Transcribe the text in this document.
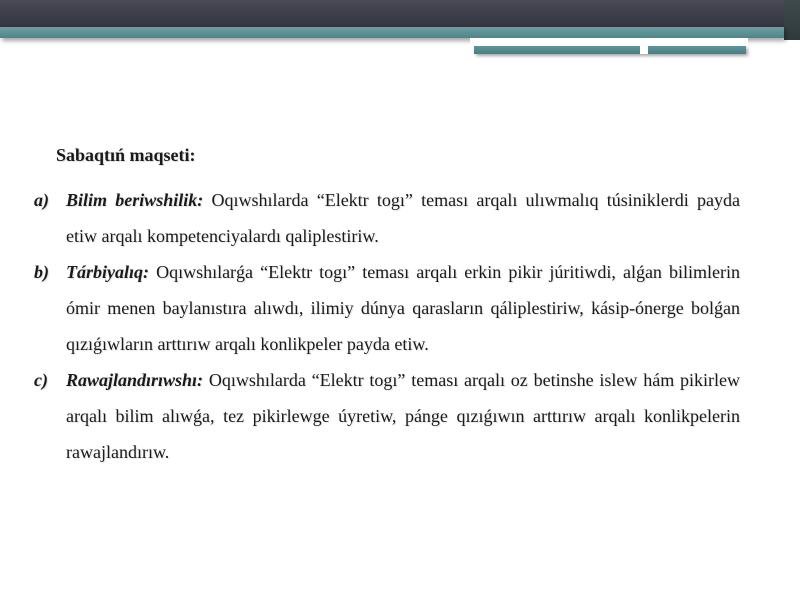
Sabaqtıń maqseti:
a) Bilim beriwshilik: Oqıwshılarda “Elektr togı” teması arqalı ulıwmalıq túsiniklerdi payda etiw arqalı kompetenciyalardı qaliplestiriw.
b) Tárbiyalıq: Oqıwshılarǵa “Elektr togı” teması arqalı erkin pikir júritiwdi, alǵan bilimlerin ómir menen baylanıstıra alıwdı, ilimiy dúnya qarasların qáliplestiriw, kásip-ónerge bolǵan qızıǵıwların arttırıw arqalı konlikpeler payda etiw.
c)	Rawajlandırıwshı: Oqıwshılarda “Elektr togı” teması arqalı oz betinshe islew hám pikirlew arqalı bilim alıwǵa, tez pikirlewge úyretiw, pánge qızıǵıwın arttırıw arqalı konlikpelerin rawajlandırıw.
